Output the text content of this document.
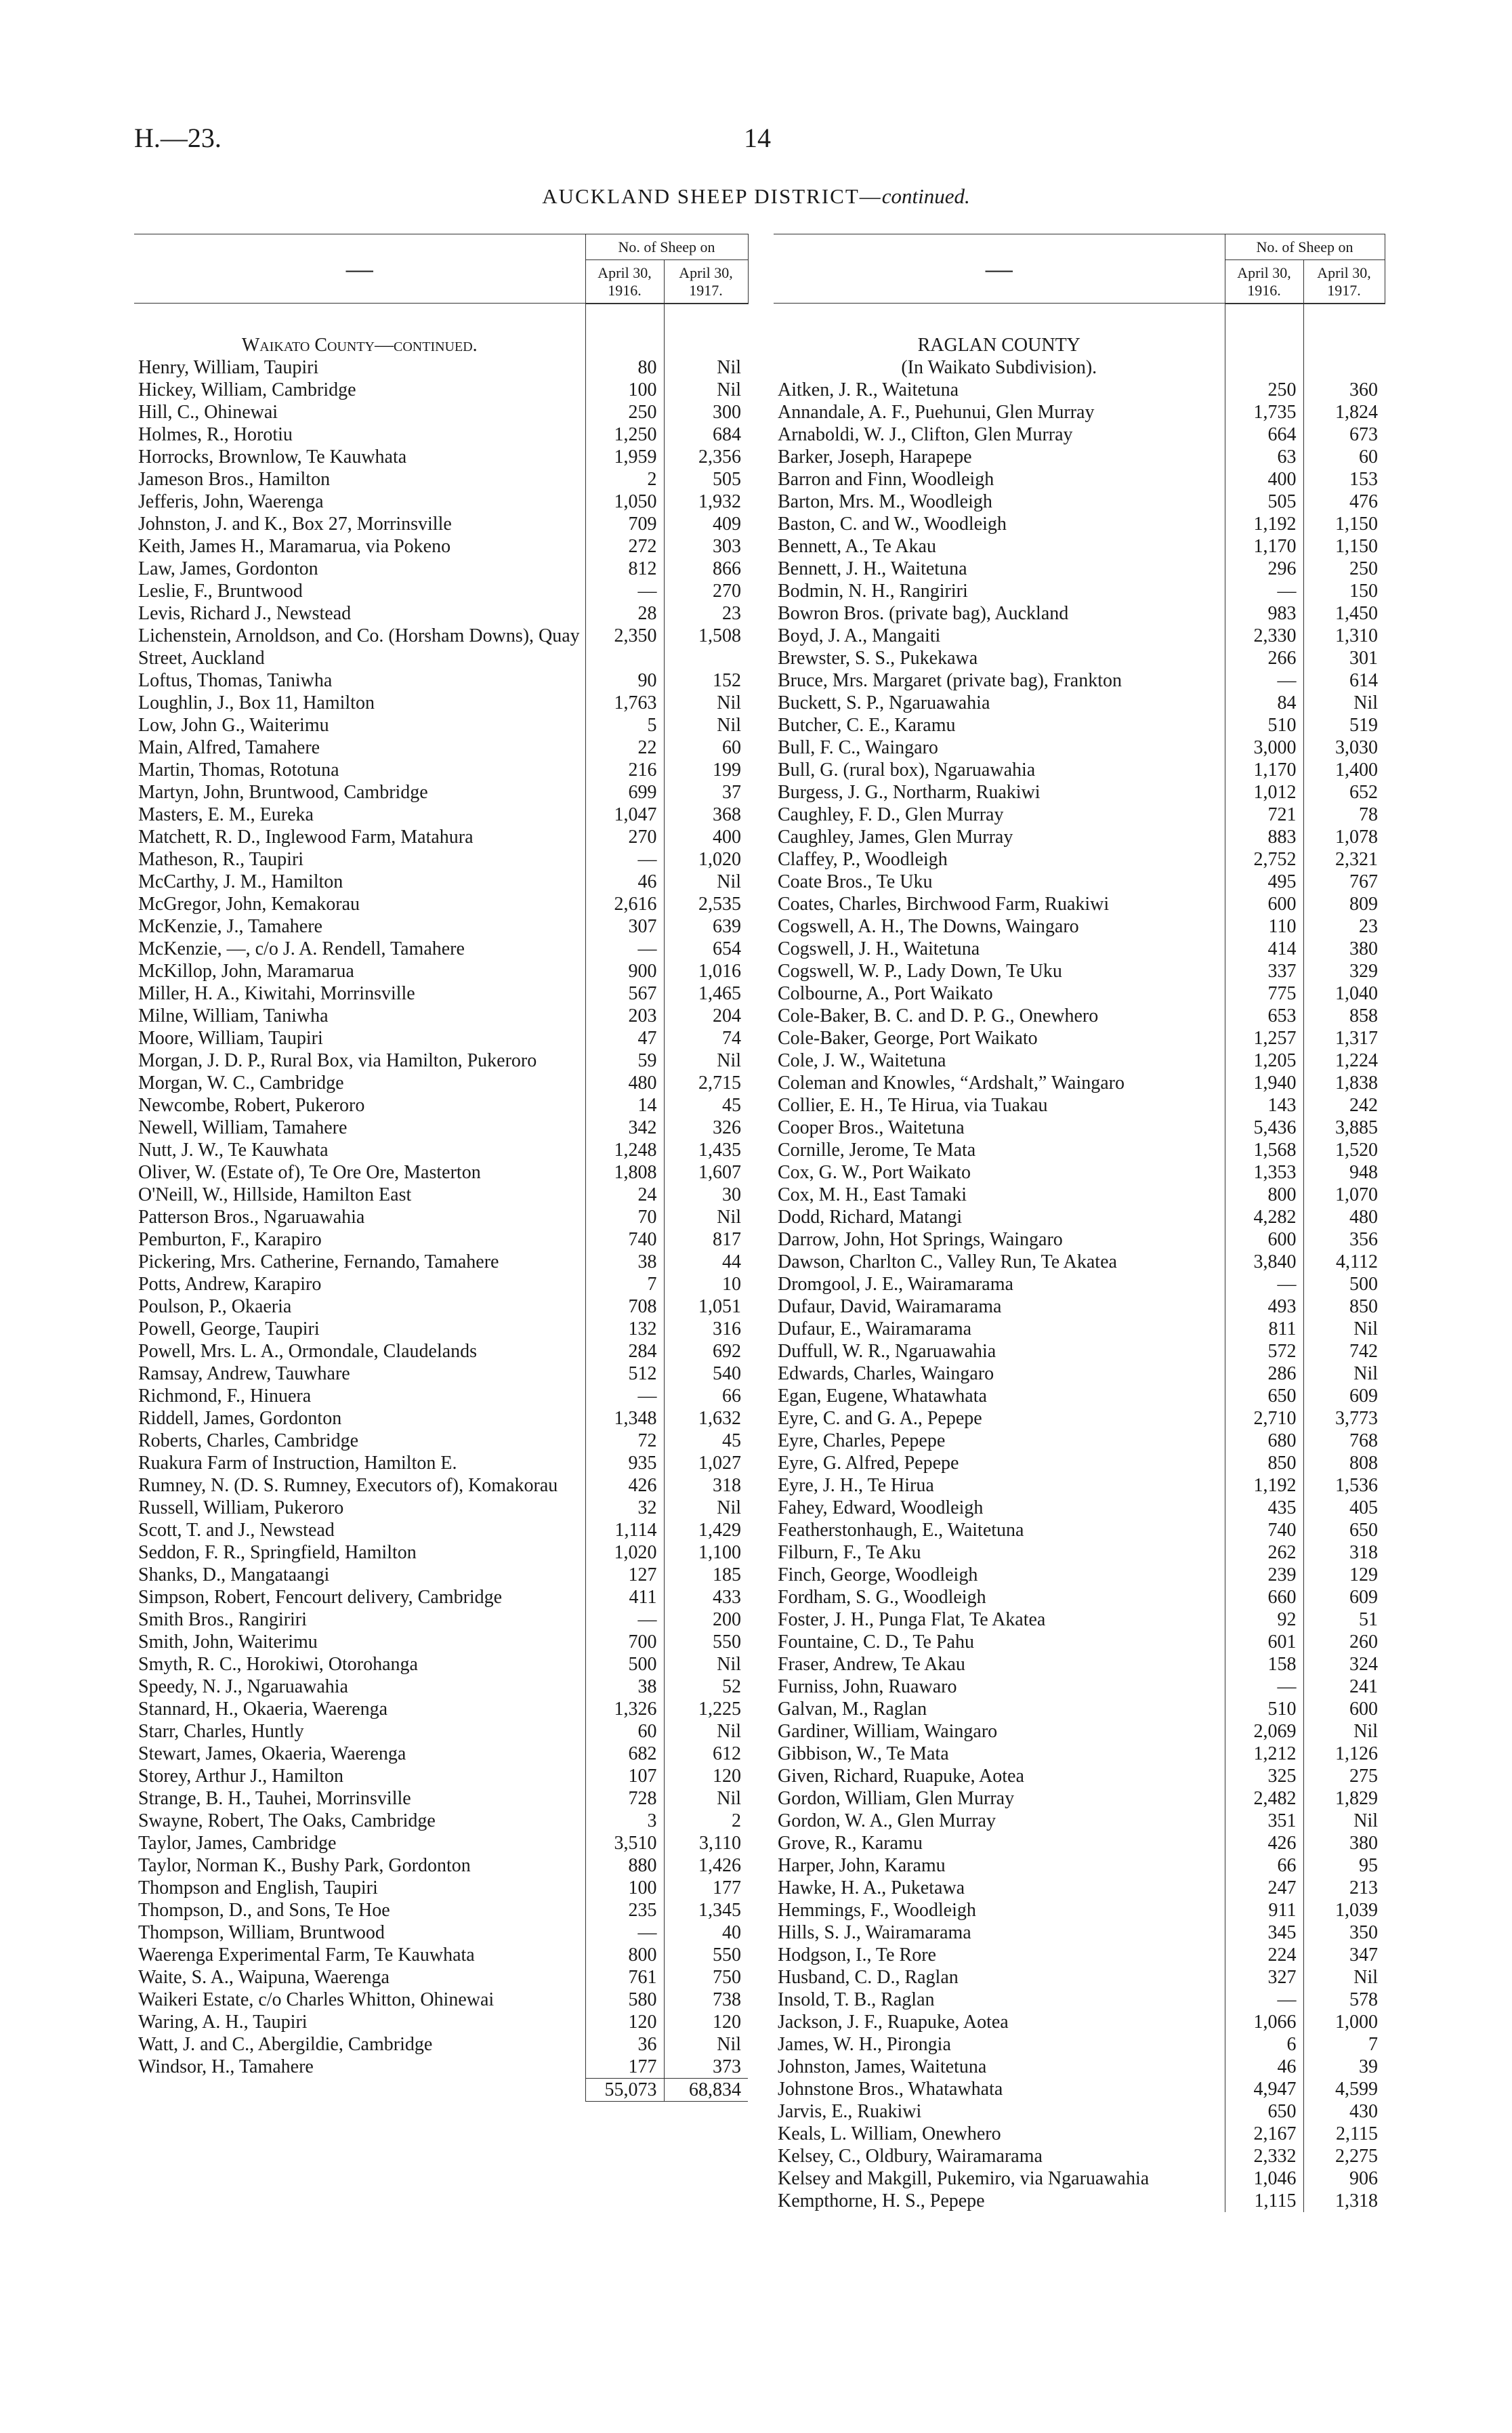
H.—23.	14
AUCKLAND SHEEP DISTRICT—continued.
—	No. of Sheep on	
	April 30, 1916.	April 30, 1917.

Waikato County—continued.		
Henry, William, Taupiri	80	Nil
Hickey, William, Cambridge	100	Nil
Hill, C., Ohinewai	250	300
Holmes, R., Horotiu	1,250	684
Horrocks, Brownlow, Te Kauwhata	1,959	2,356
Jameson Bros., Hamilton	2	505
Jefferis, John, Waerenga	1,050	1,932
Johnston, J. and K., Box 27, Morrinsville	709	409
Keith, James H., Maramarua, via Pokeno	272	303
Law, James, Gordonton	812	866
Leslie, F., Bruntwood	—	270
Levis, Richard J., Newstead	28	23
Lichenstein, Arnoldson, and Co. (Horsham Downs), Quay Street, Auckland	2,350	1,508
Loftus, Thomas, Taniwha	90	152
Loughlin, J., Box 11, Hamilton	1,763	Nil
Low, John G., Waiterimu	5	Nil
Main, Alfred, Tamahere	22	60
Martin, Thomas, Rototuna	216	199
Martyn, John, Bruntwood, Cambridge	699	37
Masters, E. M., Eureka	1,047	368
Matchett, R. D., Inglewood Farm, Matahura	270	400
Matheson, R., Taupiri	—	1,020
McCarthy, J. M., Hamilton	46	Nil
McGregor, John, Kemakorau	2,616	2,535
McKenzie, J., Tamahere	307	639
McKenzie, —, c/o J. A. Rendell, Tamahere	—	654
McKillop, John, Maramarua	900	1,016
Miller, H. A., Kiwitahi, Morrinsville	567	1,465
Milne, William, Taniwha	203	204
Moore, William, Taupiri	47	74
Morgan, J. D. P., Rural Box, via Hamilton, Pukeroro	59	Nil
Morgan, W. C., Cambridge	480	2,715
Newcombe, Robert, Pukeroro	14	45
Newell, William, Tamahere	342	326
Nutt, J. W., Te Kauwhata	1,248	1,435
Oliver, W. (Estate of), Te Ore Ore, Masterton	1,808	1,607
O'Neill, W., Hillside, Hamilton East	24	30
Patterson Bros., Ngaruawahia	70	Nil
Pemburton, F., Karapiro	740	817
Pickering, Mrs. Catherine, Fernando, Tamahere	38	44
Potts, Andrew, Karapiro	7	10
Poulson, P., Okaeria	708	1,051
Powell, George, Taupiri	132	316
Powell, Mrs. L. A., Ormondale, Claudelands	284	692
Ramsay, Andrew, Tauwhare	512	540
Richmond, F., Hinuera	—	66
Riddell, James, Gordonton	1,348	1,632
Roberts, Charles, Cambridge	72	45
Ruakura Farm of Instruction, Hamilton E.	935	1,027
Rumney, N. (D. S. Rumney, Executors of), Komakorau	426	318
Russell, William, Pukeroro	32	Nil
Scott, T. and J., Newstead	1,114	1,429
Seddon, F. R., Springfield, Hamilton	1,020	1,100
Shanks, D., Mangataangi	127	185
Simpson, Robert, Fencourt delivery, Cambridge	411	433
Smith Bros., Rangiriri	—	200
Smith, John, Waiterimu	700	550
Smyth, R. C., Horokiwi, Otorohanga	500	Nil
Speedy, N. J., Ngaruawahia	38	52
Stannard, H., Okaeria, Waerenga	1,326	1,225
Starr, Charles, Huntly	60	Nil
Stewart, James, Okaeria, Waerenga	682	612
Storey, Arthur J., Hamilton	107	120
Strange, B. H., Tauhei, Morrinsville	728	Nil
Swayne, Robert, The Oaks, Cambridge	3	2
Taylor, James, Cambridge	3,510	3,110
Taylor, Norman K., Bushy Park, Gordonton	880	1,426
Thompson and English, Taupiri	100	177
Thompson, D., and Sons, Te Hoe	235	1,345
Thompson, William, Bruntwood	—	40
Waerenga Experimental Farm, Te Kauwhata	800	550
Waite, S. A., Waipuna, Waerenga	761	750
Waikeri Estate, c/o Charles Whitton, Ohinewai	580	738
Waring, A. H., Taupiri	120	120
Watt, J. and C., Abergildie, Cambridge	36	Nil
Windsor, H., Tamahere	177	373
	55,073	68,834
—	No. of Sheep on	
	April 30, 1916.	April 30, 1917.

RAGLAN COUNTY		
(In Waikato Subdivision).		
Aitken, J. R., Waitetuna	250	360
Annandale, A. F., Puehunui, Glen Murray	1,735	1,824
Arnaboldi, W. J., Clifton, Glen Murray	664	673
Barker, Joseph, Harapepe	63	60
Barron and Finn, Woodleigh	400	153
Barton, Mrs. M., Woodleigh	505	476
Baston, C. and W., Woodleigh	1,192	1,150
Bennett, A., Te Akau	1,170	1,150
Bennett, J. H., Waitetuna	296	250
Bodmin, N. H., Rangiriri	—	150
Bowron Bros. (private bag), Auckland	983	1,450
Boyd, J. A., Mangaiti	2,330	1,310
Brewster, S. S., Pukekawa	266	301
Bruce, Mrs. Margaret (private bag), Frankton	—	614
Buckett, S. P., Ngaruawahia	84	Nil
Butcher, C. E., Karamu	510	519
Bull, F. C., Waingaro	3,000	3,030
Bull, G. (rural box), Ngaruawahia	1,170	1,400
Burgess, J. G., Northarm, Ruakiwi	1,012	652
Caughley, F. D., Glen Murray	721	78
Caughley, James, Glen Murray	883	1,078
Claffey, P., Woodleigh	2,752	2,321
Coate Bros., Te Uku	495	767
Coates, Charles, Birchwood Farm, Ruakiwi	600	809
Cogswell, A. H., The Downs, Waingaro	110	23
Cogswell, J. H., Waitetuna	414	380
Cogswell, W. P., Lady Down, Te Uku	337	329
Colbourne, A., Port Waikato	775	1,040
Cole-Baker, B. C. and D. P. G., Onewhero	653	858
Cole-Baker, George, Port Waikato	1,257	1,317
Cole, J. W., Waitetuna	1,205	1,224
Coleman and Knowles, “Ardshalt,” Waingaro	1,940	1,838
Collier, E. H., Te Hirua, via Tuakau	143	242
Cooper Bros., Waitetuna	5,436	3,885
Cornille, Jerome, Te Mata	1,568	1,520
Cox, G. W., Port Waikato	1,353	948
Cox, M. H., East Tamaki	800	1,070
Dodd, Richard, Matangi	4,282	480
Darrow, John, Hot Springs, Waingaro	600	356
Dawson, Charlton C., Valley Run, Te Akatea	3,840	4,112
Dromgool, J. E., Wairamarama	—	500
Dufaur, David, Wairamarama	493	850
Dufaur, E., Wairamarama	811	Nil
Duffull, W. R., Ngaruawahia	572	742
Edwards, Charles, Waingaro	286	Nil
Egan, Eugene, Whatawhata	650	609
Eyre, C. and G. A., Pepepe	2,710	3,773
Eyre, Charles, Pepepe	680	768
Eyre, G. Alfred, Pepepe	850	808
Eyre, J. H., Te Hirua	1,192	1,536
Fahey, Edward, Woodleigh	435	405
Featherstonhaugh, E., Waitetuna	740	650
Filburn, F., Te Aku	262	318
Finch, George, Woodleigh	239	129
Fordham, S. G., Woodleigh	660	609
Foster, J. H., Punga Flat, Te Akatea	92	51
Fountaine, C. D., Te Pahu	601	260
Fraser, Andrew, Te Akau	158	324
Furniss, John, Ruawaro	—	241
Galvan, M., Raglan	510	600
Gardiner, William, Waingaro	2,069	Nil
Gibbison, W., Te Mata	1,212	1,126
Given, Richard, Ruapuke, Aotea	325	275
Gordon, William, Glen Murray	2,482	1,829
Gordon, W. A., Glen Murray	351	Nil
Grove, R., Karamu	426	380
Harper, John, Karamu	66	95
Hawke, H. A., Puketawa	247	213
Hemmings, F., Woodleigh	911	1,039
Hills, S. J., Wairamarama	345	350
Hodgson, I., Te Rore	224	347
Husband, C. D., Raglan	327	Nil
Insold, T. B., Raglan	—	578
Jackson, J. F., Ruapuke, Aotea	1,066	1,000
James, W. H., Pirongia	6	7
Johnston, James, Waitetuna	46	39
Johnstone Bros., Whatawhata	4,947	4,599
Jarvis, E., Ruakiwi	650	430
Keals, L. William, Onewhero	2,167	2,115
Kelsey, C., Oldbury, Wairamarama	2,332	2,275
Kelsey and Makgill, Pukemiro, via Ngaruawahia	1,046	906
Kempthorne, H. S., Pepepe	1,115	1,318
